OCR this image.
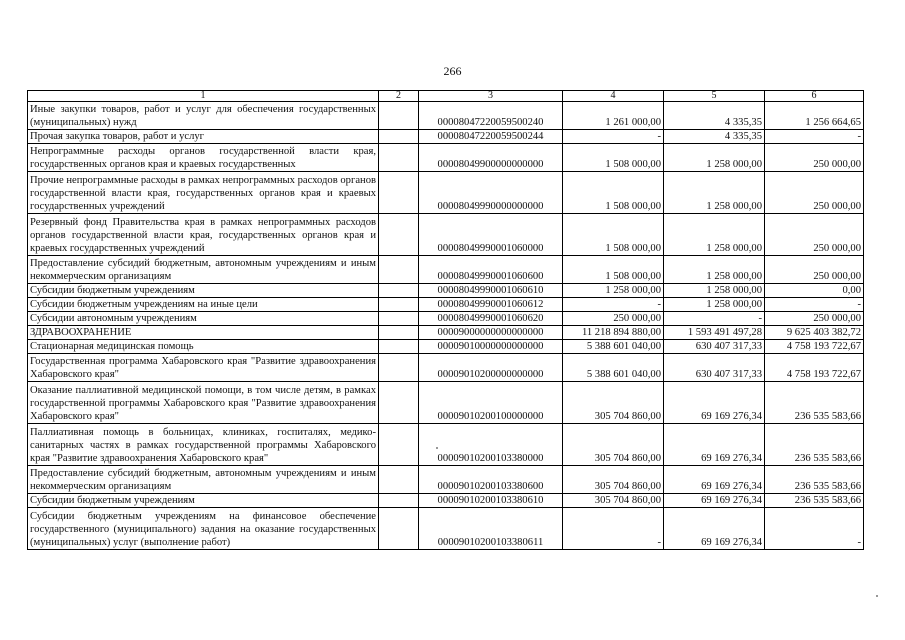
266
1	2	3	4	5	6
Иные закупки товаров, работ и услуг для обеспечения государственных (муниципальных) нужд		00008047220059500240	1 261 000,00	4 335,35	1 256 664,65
Прочая закупка товаров, работ и услуг		00008047220059500244	-	4 335,35	-
Непрограммные расходы органов государственной власти края, государственных органов края и краевых государственных		00008049900000000000	1 508 000,00	1 258 000,00	250 000,00
Прочие непрограммные расходы в рамках непрограммных расходов органов государственной власти края, государственных органов края и краевых государственных учреждений		00008049990000000000	1 508 000,00	1 258 000,00	250 000,00
Резервный фонд Правительства края в рамках непрограммных расходов органов государственной власти края, государственных органов края и краевых государственных учреждений		00008049990001060000	1 508 000,00	1 258 000,00	250 000,00
Предоставление субсидий бюджетным, автономным учреждениям и иным некоммерческим организациям		00008049990001060600	1 508 000,00	1 258 000,00	250 000,00
Субсидии бюджетным учреждениям		00008049990001060610	1 258 000,00	1 258 000,00	0,00
Субсидии бюджетным учреждениям на иные цели		00008049990001060612	-	1 258 000,00	-
Субсидии автономным учреждениям		00008049990001060620	250 000,00	-	250 000,00
ЗДРАВООХРАНЕНИЕ		00009000000000000000	11 218 894 880,00	1 593 491 497,28	9 625 403 382,72
Стационарная медицинская помощь		00009010000000000000	5 388 601 040,00	630 407 317,33	4 758 193 722,67
Государственная программа Хабаровского края "Развитие здравоохранения Хабаровского края"		00009010200000000000	5 388 601 040,00	630 407 317,33	4 758 193 722,67
Оказание паллиативной медицинской помощи, в том числе детям, в рамках государственной программы Хабаровского края "Развитие здравоохранения Хабаровского края"		00009010200100000000	305 704 860,00	69 169 276,34	236 535 583,66
Паллиативная помощь в больницах, клиниках, госпиталях, медико-санитарных частях в рамках государственной программы Хабаровского края "Развитие здравоохранения Хабаровского края"		00009010200103380000	305 704 860,00	69 169 276,34	236 535 583,66
Предоставление субсидий бюджетным, автономным учреждениям и иным некоммерческим организациям		00009010200103380600	305 704 860,00	69 169 276,34	236 535 583,66
Субсидии бюджетным учреждениям		00009010200103380610	305 704 860,00	69 169 276,34	236 535 583,66
Субсидии бюджетным учреждениям на финансовое обеспечение государственного (муниципального) задания на оказание государственных (муниципальных) услуг (выполнение работ)		00009010200103380611	-	69 169 276,34	-
